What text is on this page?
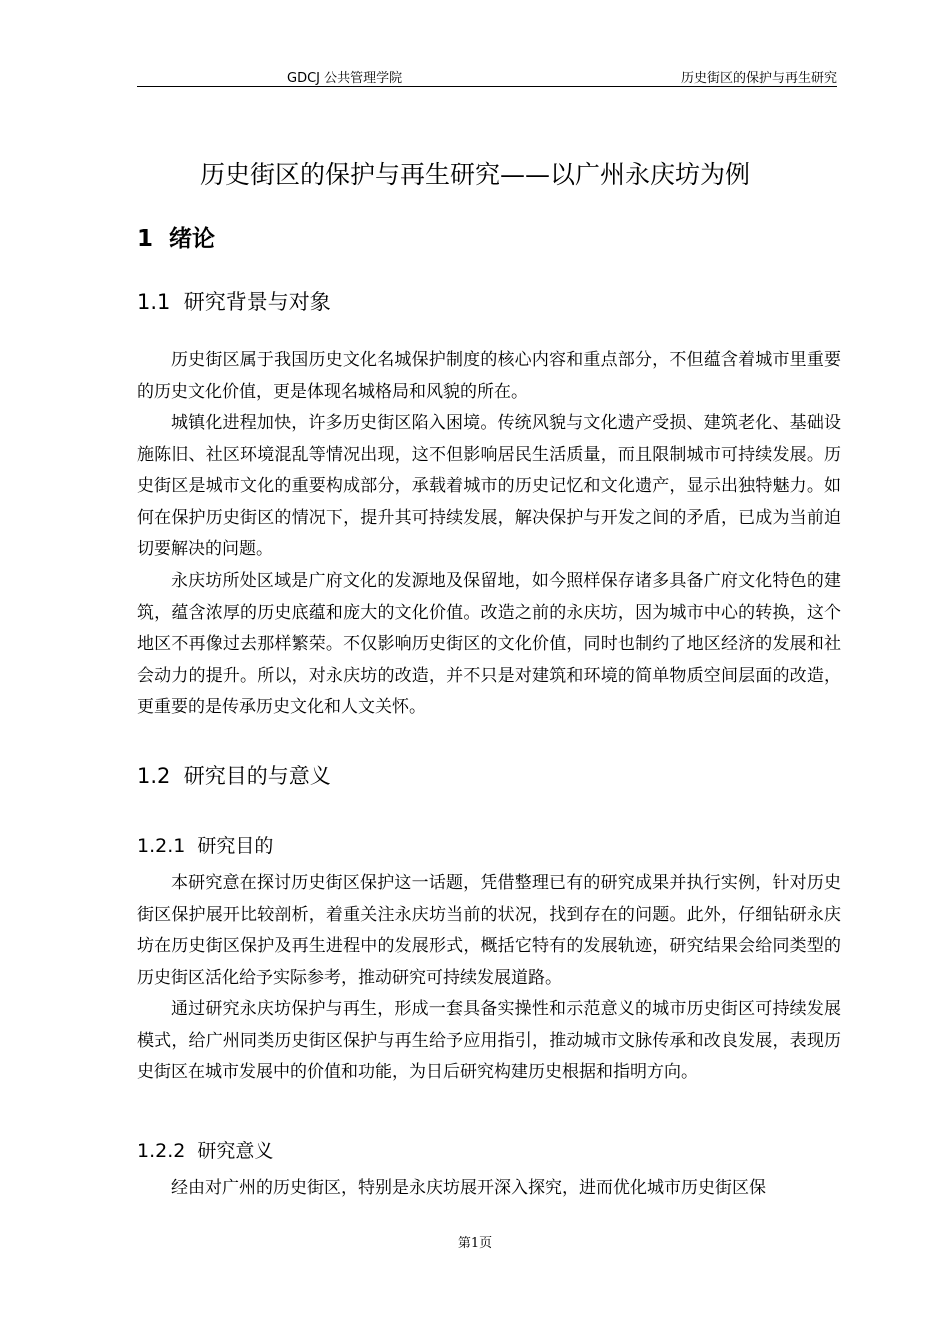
GDCJ 公共管理学院	历史街区的保护与再生研究
历史街区的保护与再生研究——以广州永庆坊为例
1  绪论
1.1  研究背景与对象

历史街区属于我国历史文化名城保护制度的核心内容和重点部分，不但蕴含着城市里重要的历史文化价值，更是体现名城格局和风貌的所在。

城镇化进程加快，许多历史街区陷入困境。传统风貌与文化遗产受损、建筑老化、基础设施陈旧、社区环境混乱等情况出现，这不但影响居民生活质量，而且限制城市可持续发展。历史街区是城市文化的重要构成部分，承载着城市的历史记忆和文化遗产，显示出独特魅力。如何在保护历史街区的情况下，提升其可持续发展，解决保护与开发之间的矛盾，已成为当前迫切要解决的问题。

永庆坊所处区域是广府文化的发源地及保留地，如今照样保存诸多具备广府文化特色的建筑，蕴含浓厚的历史底蕴和庞大的文化价值。改造之前的永庆坊，因为城市中心的转换，这个地区不再像过去那样繁荣。不仅影响历史街区的文化价值，同时也制约了地区经济的发展和社会动力的提升。所以，对永庆坊的改造，并不只是对建筑和环境的简单物质空间层面的改造，更重要的是传承历史文化和人文关怀。

1.2  研究目的与意义
1.2.1  研究目的

本研究意在探讨历史街区保护这一话题，凭借整理已有的研究成果并执行实例，针对历史街区保护展开比较剖析，着重关注永庆坊当前的状况，找到存在的问题。此外，仔细钻研永庆坊在历史街区保护及再生进程中的发展形式，概括它特有的发展轨迹，研究结果会给同类型的历史街区活化给予实际参考，推动研究可持续发展道路。

通过研究永庆坊保护与再生，形成一套具备实操性和示范意义的城市历史街区可持续发展模式，给广州同类历史街区保护与再生给予应用指引，推动城市文脉传承和改良发展，表现历史街区在城市发展中的价值和功能，为日后研究构建历史根据和指明方向。

1.2.2  研究意义

经由对广州的历史街区，特别是永庆坊展开深入探究，进而优化城市历史街区保

第1页
